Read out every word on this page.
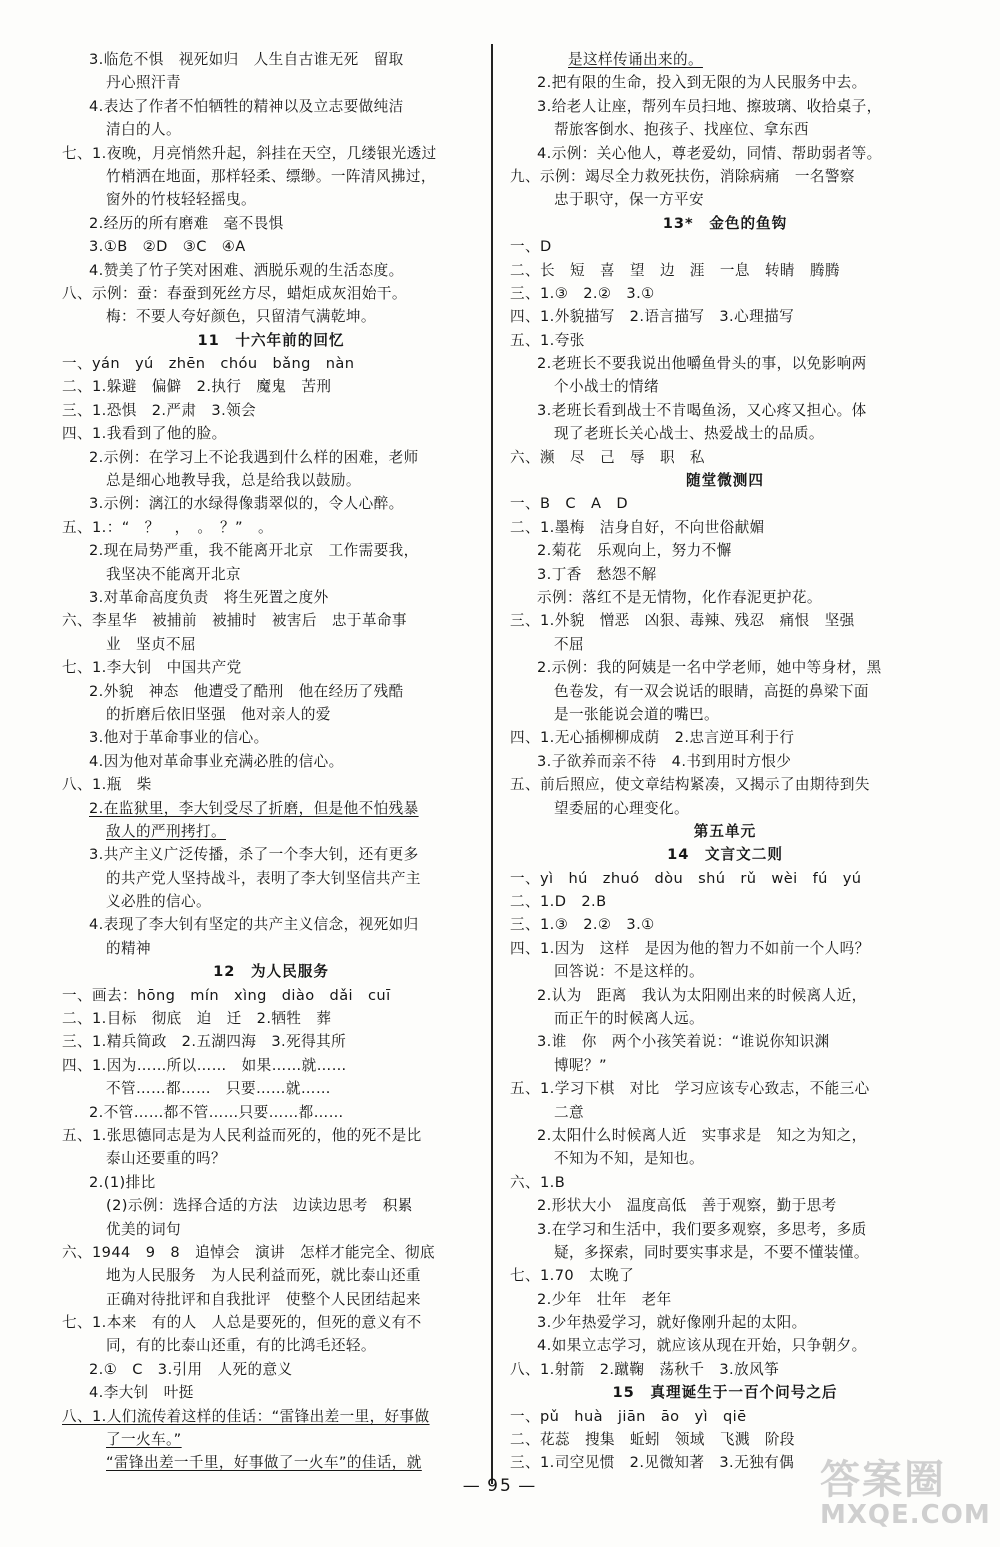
3.临危不惧　视死如归　人生自古谁无死　留取
丹心照汗青
4.表达了作者不怕牺牲的精神以及立志要做纯洁
清白的人。
七、1.夜晚，月亮悄然升起，斜挂在天空，几缕银光透过
竹梢洒在地面，那样轻柔、缥缈。一阵清风拂过，
窗外的竹枝轻轻摇曳。
2.经历的所有磨难　毫不畏惧
3.①B　②D　③C　④A
4.赞美了竹子笑对困难、洒脱乐观的生活态度。
八、示例：蚕：春蚕到死丝方尽，蜡炬成灰泪始干。
梅：不要人夸好颜色，只留清气满乾坤。
11　十六年前的回忆
一、yán　yú　zhēn　chóu　bǎng　nàn
二、1.躲避　偏僻　2.执行　魔鬼　苦刑
三、1.恐惧　2.严肃　3.领会
四、1.我看到了他的脸。
2.示例：在学习上不论我遇到什么样的困难，老师
总是细心地教导我，总是给我以鼓励。
3.示例：漓江的水绿得像翡翠似的，令人心醉。
五、1.：“　？　，　。　？”　。
2.现在局势严重，我不能离开北京　工作需要我，
我坚决不能离开北京
3.对革命高度负责　将生死置之度外
六、李星华　被捕前　被捕时　被害后　忠于革命事
业　坚贞不屈
七、1.李大钊　中国共产党
2.外貌　神态　他遭受了酷刑　他在经历了残酷
的折磨后依旧坚强　他对亲人的爱
3.他对于革命事业的信心。
4.因为他对革命事业充满必胜的信心。
八、1.瓶　柴
2.在监狱里，李大钊受尽了折磨，但是他不怕残暴
敌人的严刑拷打。
3.共产主义广泛传播，杀了一个李大钊，还有更多
的共产党人坚持战斗，表明了李大钊坚信共产主
义必胜的信心。
4.表现了李大钊有坚定的共产主义信念，视死如归
的精神
12　为人民服务
一、画去：hōng　mín　xìng　diào　dǎi　cuī
二、1.目标　彻底　迫　迁　2.牺牲　葬
三、1.精兵简政　2.五湖四海　3.死得其所
四、1.因为……所以……　如果……就……
不管……都……　只要……就……
2.不管……都不管……只要……都……
五、1.张思德同志是为人民利益而死的，他的死不是比
泰山还要重的吗？
2.(1)排比
(2)示例：选择合适的方法　边读边思考　积累
优美的词句
六、1944　9　8　追悼会　演讲　怎样才能完全、彻底
地为人民服务　为人民利益而死，就比泰山还重
正确对待批评和自我批评　使整个人民团结起来
七、1.本来　有的人　人总是要死的，但死的意义有不
同，有的比泰山还重，有的比鸿毛还轻。
2.①　C　3.引用　人死的意义
4.李大钊　叶挺
八、1.人们流传着这样的佳话：“雷锋出差一里，好事做
了一火车。”
“雷锋出差一千里，好事做了一火车”的佳话，就
是这样传诵出来的。
2.把有限的生命，投入到无限的为人民服务中去。
3.给老人让座，帮列车员扫地、擦玻璃、收拾桌子，
帮旅客倒水、抱孩子、找座位、拿东西
4.示例：关心他人，尊老爱幼，同情、帮助弱者等。
九、示例：竭尽全力救死扶伤，消除病痛　一名警察
忠于职守，保一方平安
13*　金色的鱼钩
一、D
二、长　短　喜　望　边　涯　一息　转睛　腾腾
三、1.③　2.②　3.①
四、1.外貌描写　2.语言描写　3.心理描写
五、1.夸张
2.老班长不要我说出他嚼鱼骨头的事，以免影响两
个小战士的情绪
3.老班长看到战士不肯喝鱼汤，又心疼又担心。体
现了老班长关心战士、热爱战士的品质。
六、濒　尽　己　辱　职　私
随堂微测四
一、B　C　A　D
二、1.墨梅　洁身自好，不向世俗献媚
2.菊花　乐观向上，努力不懈
3.丁香　愁怨不解
示例：落红不是无情物，化作春泥更护花。
三、1.外貌　憎恶　凶狠、毒辣、残忍　痛恨　坚强
不屈
2.示例：我的阿姨是一名中学老师，她中等身材，黑
色卷发，有一双会说话的眼睛，高挺的鼻梁下面
是一张能说会道的嘴巴。
四、1.无心插柳柳成荫　2.忠言逆耳利于行
3.子欲养而亲不待　4.书到用时方恨少
五、前后照应，使文章结构紧凑，又揭示了由期待到失
望委屈的心理变化。
第五单元
14　文言文二则
一、yì　hú　zhuó　dòu　shú　rǔ　wèi　fú　yú
二、1.D　2.B
三、1.③　2.②　3.①
四、1.因为　这样　是因为他的智力不如前一个人吗？
回答说：不是这样的。
2.认为　距离　我认为太阳刚出来的时候离人近，
而正午的时候离人远。
3.谁　你　两个小孩笑着说：“谁说你知识渊
博呢？”
五、1.学习下棋　对比　学习应该专心致志，不能三心
二意
2.太阳什么时候离人近　实事求是　知之为知之，
不知为不知，是知也。
六、1.B
2.形状大小　温度高低　善于观察，勤于思考
3.在学习和生活中，我们要多观察，多思考，多质
疑，多探索，同时要实事求是，不要不懂装懂。
七、1.70　太晚了
2.少年　壮年　老年
3.少年热爱学习，就好像刚升起的太阳。
4.如果立志学习，就应该从现在开始，只争朝夕。
八、1.射箭　2.蹴鞠　荡秋千　3.放风筝
15　真理诞生于一百个问号之后
一、pǔ　huà　jiān　āo　yì　qiē
二、花蕊　搜集　蚯蚓　领域　飞溅　阶段
三、1.司空见惯　2.见微知著　3.无独有偶
— 95 —	答案圈
MXQE.COM
